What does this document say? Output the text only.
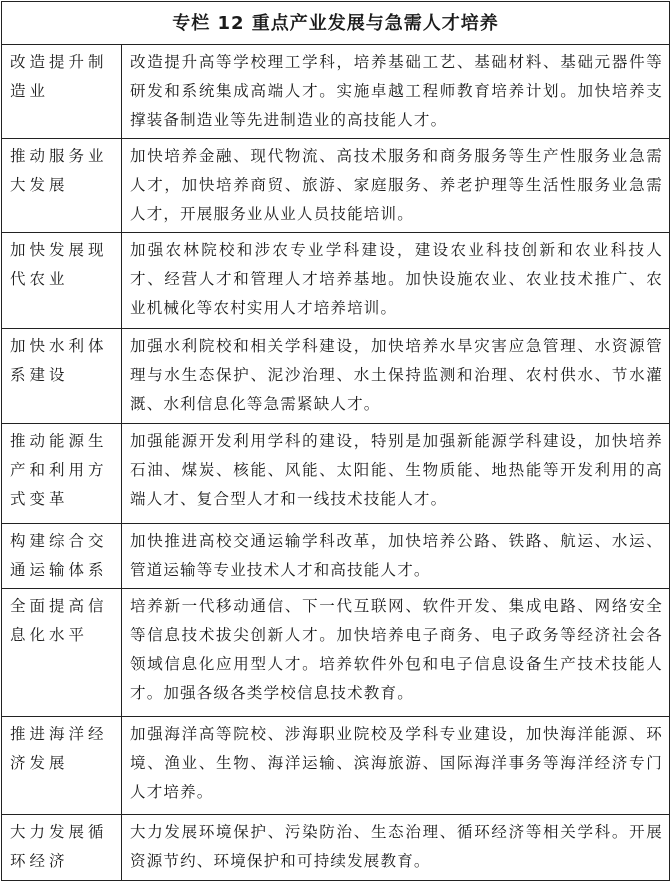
专栏 12 重点产业发展与急需人才培养	
改造提升制造业	改造提升高等学校理工学科，培养基础工艺、基础材料、基础元器件等研发和系统集成高端人才。实施卓越工程师教育培养计划。加快培养支撑装备制造业等先进制造业的高技能人才。
推动服务业大发展	加快培养金融、现代物流、高技术服务和商务服务等生产性服务业急需人才，加快培养商贸、旅游、家庭服务、养老护理等生活性服务业急需人才，开展服务业从业人员技能培训。
加快发展现代农业	加强农林院校和涉农专业学科建设，建设农业科技创新和农业科技人才、经营人才和管理人才培养基地。加快设施农业、农业技术推广、农业机械化等农村实用人才培养培训。
加快水利体系建设	加强水利院校和相关学科建设，加快培养水旱灾害应急管理、水资源管理与水生态保护、泥沙治理、水土保持监测和治理、农村供水、节水灌溉、水利信息化等急需紧缺人才。
推动能源生产和利用方式变革	加强能源开发利用学科的建设，特别是加强新能源学科建设，加快培养石油、煤炭、核能、风能、太阳能、生物质能、地热能等开发利用的高端人才、复合型人才和一线技术技能人才。
构建综合交通运输体系	加快推进高校交通运输学科改革，加快培养公路、铁路、航运、水运、管道运输等专业技术人才和高技能人才。
全面提高信息化水平	培养新一代移动通信、下一代互联网、软件开发、集成电路、网络安全等信息技术拔尖创新人才。加快培养电子商务、电子政务等经济社会各领域信息化应用型人才。培养软件外包和电子信息设备生产技术技能人才。加强各级各类学校信息技术教育。
推进海洋经济发展	加强海洋高等院校、涉海职业院校及学科专业建设，加快海洋能源、环境、渔业、生物、海洋运输、滨海旅游、国际海洋事务等海洋经济专门人才培养。
大力发展循环经济	大力发展环境保护、污染防治、生态治理、循环经济等相关学科。开展资源节约、环境保护和可持续发展教育。
